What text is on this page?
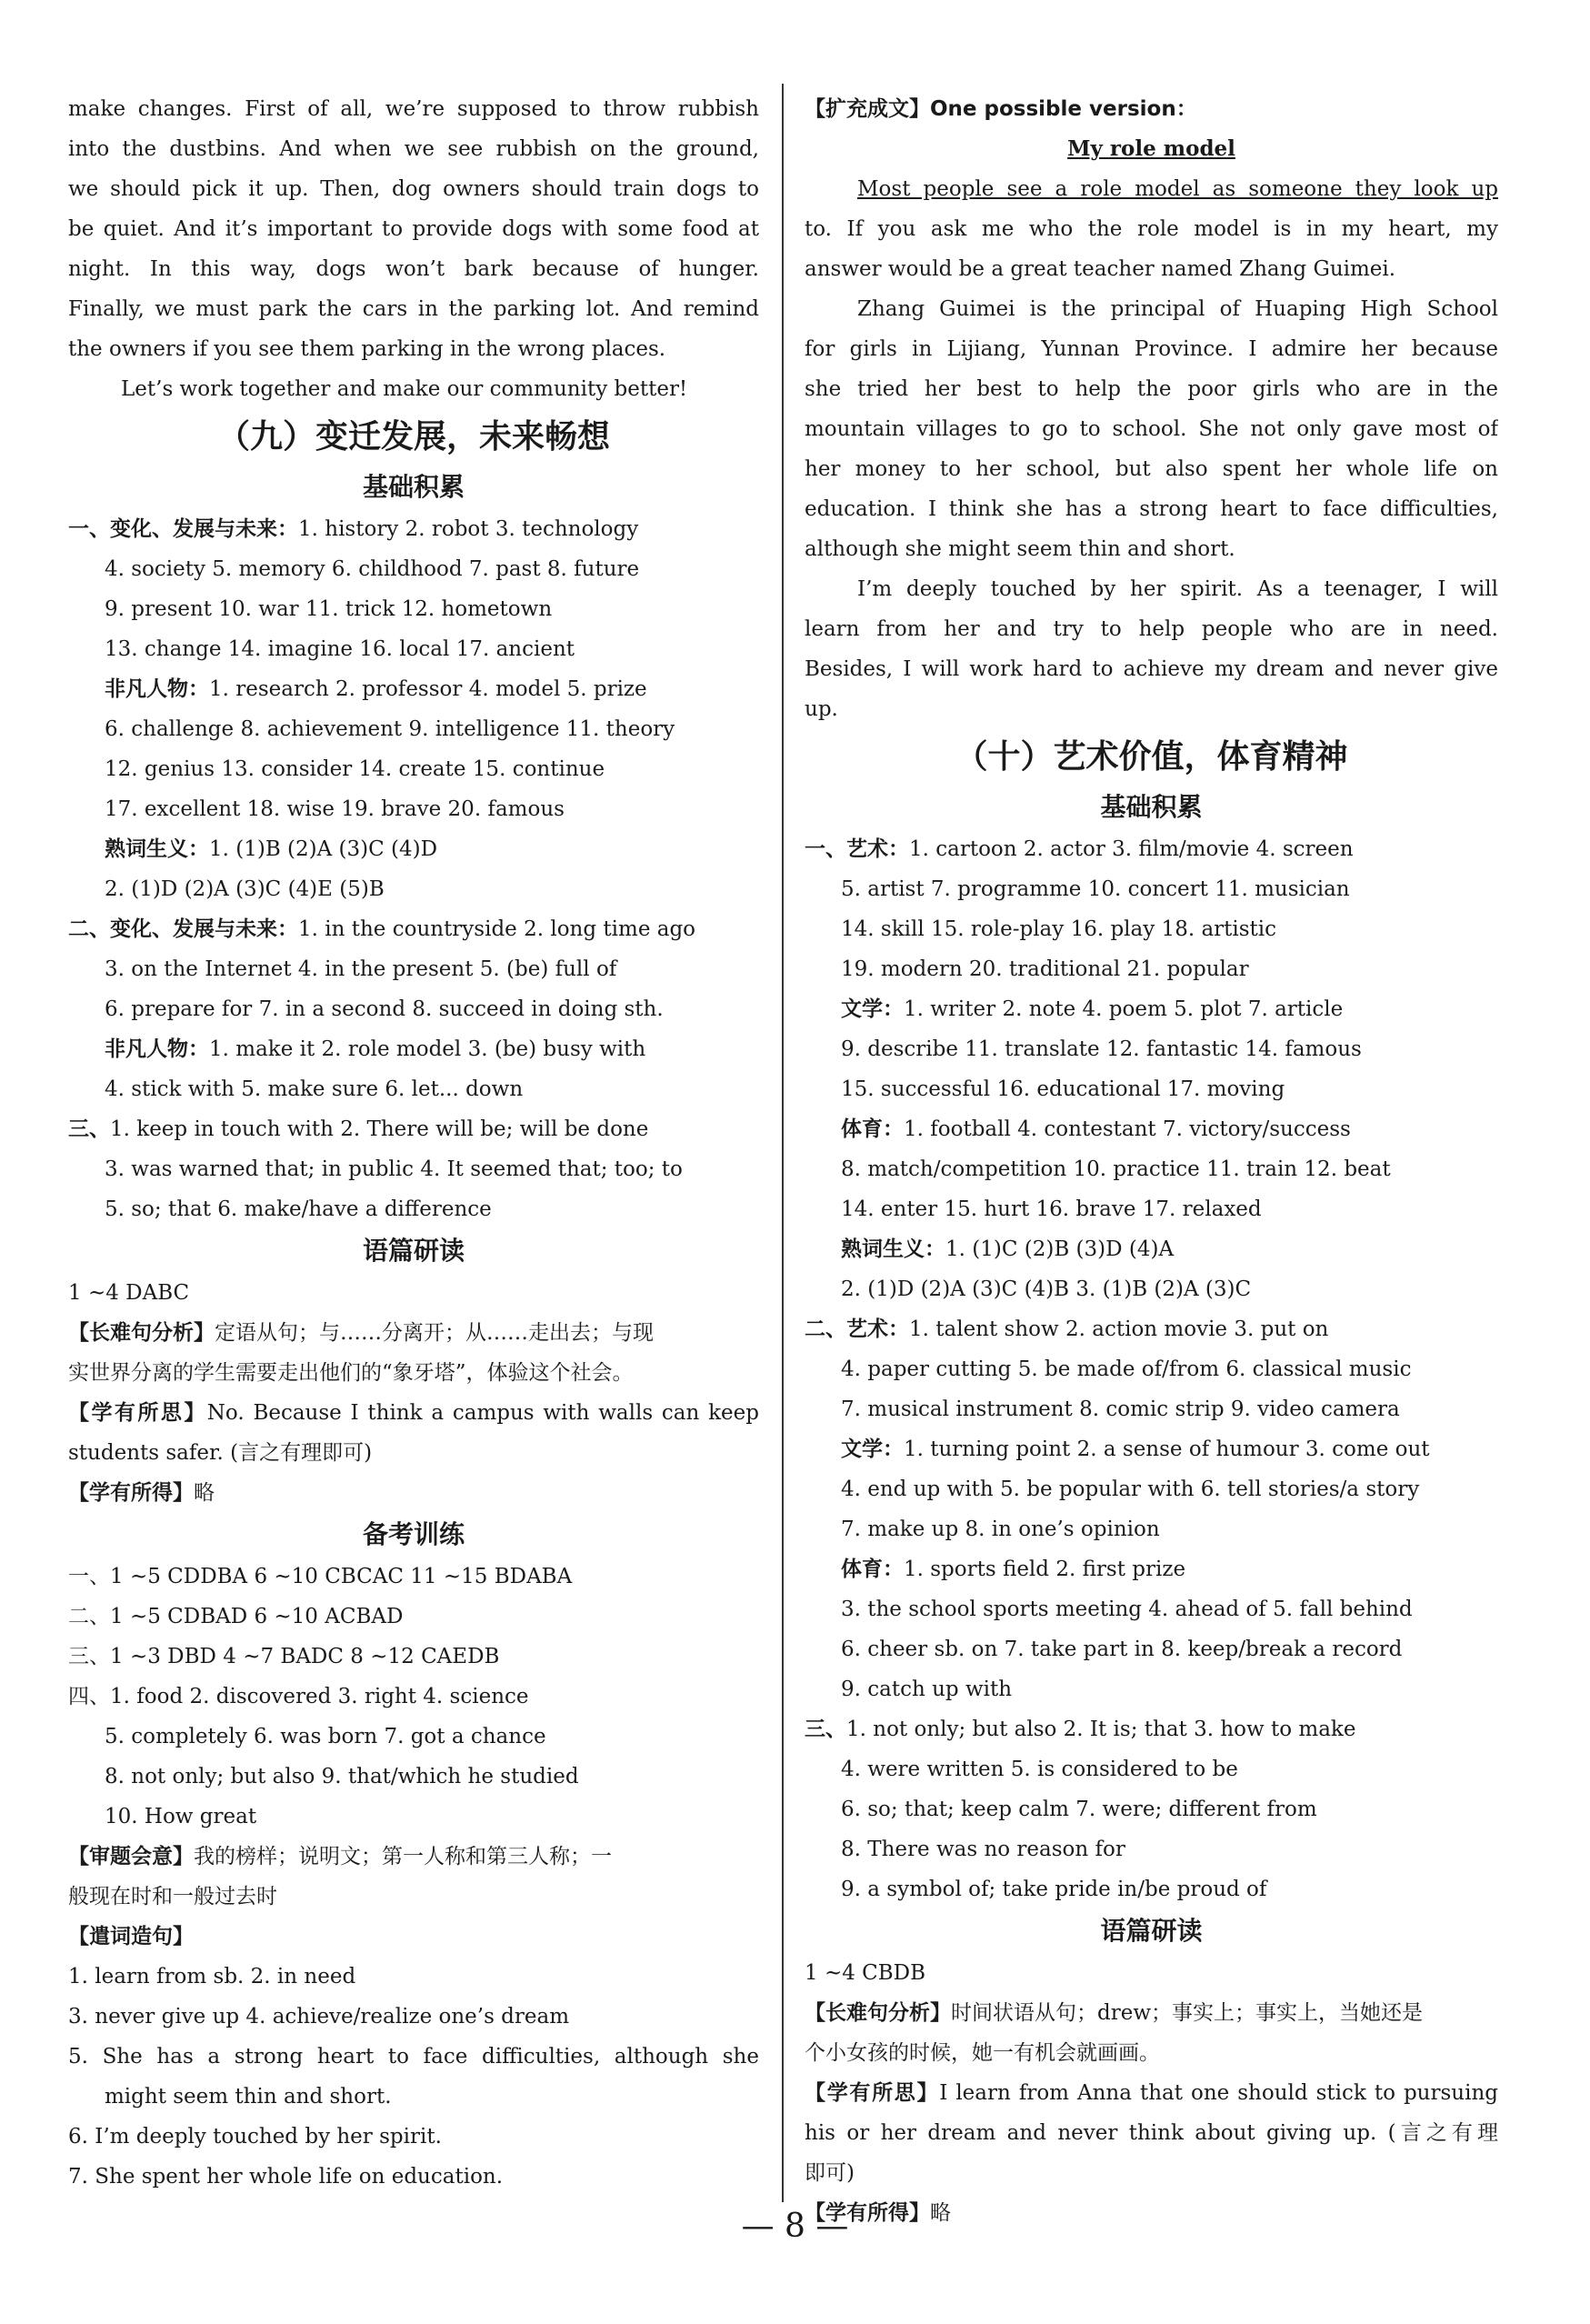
make changes. First of all, we’re supposed to throw rubbish
into the dustbins. And when we see rubbish on the ground,
we should pick it up. Then, dog owners should train dogs to
be quiet. And it’s important to provide dogs with some food at
night. In this way, dogs won’t bark because of hunger.
Finally, we must park the cars in the parking lot. And remind
the owners if you see them parking in the wrong places.
Let’s work together and make our community better!
（九）变迁发展，未来畅想
基础积累
一、变化、发展与未来：1. history 2. robot 3. technology
4. society 5. memory 6. childhood 7. past 8. future
9. present 10. war 11. trick 12. hometown
13. change 14. imagine 16. local 17. ancient
非凡人物：1. research 2. professor 4. model 5. prize
6. challenge 8. achievement 9. intelligence 11. theory
12. genius 13. consider 14. create 15. continue
17. excellent 18. wise 19. brave 20. famous
熟词生义：1. (1)B (2)A (3)C (4)D
2. (1)D (2)A (3)C (4)E (5)B
二、变化、发展与未来：1. in the countryside 2. long time ago
3. on the Internet 4. in the present 5. (be) full of
6. prepare for 7. in a second 8. succeed in doing sth.
非凡人物：1. make it 2. role model 3. (be) busy with
4. stick with 5. make sure 6. let... down
三、1. keep in touch with 2. There will be; will be done
3. was warned that; in public 4. It seemed that; too; to
5. so; that 6. make/have a difference
语篇研读
1 ~4 DABC
【长难句分析】定语从句；与……分离开；从……走出去；与现
实世界分离的学生需要走出他们的“象牙塔”，体验这个社会。
【学有所思】No. Because I think a campus with walls can keep
students safer. (言之有理即可)
【学有所得】略
备考训练
一、1 ~5 CDDBA 6 ~10 CBCAC 11 ~15 BDABA
二、1 ~5 CDBAD 6 ~10 ACBAD
三、1 ~3 DBD 4 ~7 BADC 8 ~12 CAEDB
四、1. food 2. discovered 3. right 4. science
5. completely 6. was born 7. got a chance
8. not only; but also 9. that/which he studied
10. How great
【审题会意】我的榜样；说明文；第一人称和第三人称；一
般现在时和一般过去时
【遣词造句】
1. learn from sb. 2. in need
3. never give up 4. achieve/realize one’s dream
5. She has a strong heart to face difficulties, although she
might seem thin and short.
6. I’m deeply touched by her spirit.
7. She spent her whole life on education.
【扩充成文】One possible version：
My role model
Most people see a role model as someone they look up
to. If you ask me who the role model is in my heart, my
answer would be a great teacher named Zhang Guimei.
Zhang Guimei is the principal of Huaping High School
for girls in Lijiang, Yunnan Province. I admire her because
she tried her best to help the poor girls who are in the
mountain villages to go to school. She not only gave most of
her money to her school, but also spent her whole life on
education. I think she has a strong heart to face difficulties,
although she might seem thin and short.
I’m deeply touched by her spirit. As a teenager, I will
learn from her and try to help people who are in need.
Besides, I will work hard to achieve my dream and never give
up.
（十）艺术价值，体育精神
基础积累
一、艺术：1. cartoon 2. actor 3. film/movie 4. screen
5. artist 7. programme 10. concert 11. musician
14. skill 15. role-play 16. play 18. artistic
19. modern 20. traditional 21. popular
文学：1. writer 2. note 4. poem 5. plot 7. article
9. describe 11. translate 12. fantastic 14. famous
15. successful 16. educational 17. moving
体育：1. football 4. contestant 7. victory/success
8. match/competition 10. practice 11. train 12. beat
14. enter 15. hurt 16. brave 17. relaxed
熟词生义：1. (1)C (2)B (3)D (4)A
2. (1)D (2)A (3)C (4)B 3. (1)B (2)A (3)C
二、艺术：1. talent show 2. action movie 3. put on
4. paper cutting 5. be made of/from 6. classical music
7. musical instrument 8. comic strip 9. video camera
文学：1. turning point 2. a sense of humour 3. come out
4. end up with 5. be popular with 6. tell stories/a story
7. make up 8. in one’s opinion
体育：1. sports field 2. first prize
3. the school sports meeting 4. ahead of 5. fall behind
6. cheer sb. on 7. take part in 8. keep/break a record
9. catch up with
三、1. not only; but also 2. It is; that 3. how to make
4. were written 5. is considered to be
6. so; that; keep calm 7. were; different from
8. There was no reason for
9. a symbol of; take pride in/be proud of
语篇研读
1 ~4 CBDB
【长难句分析】时间状语从句；drew；事实上；事实上，当她还是
个小女孩的时候，她一有机会就画画。
【学有所思】I learn from Anna that one should stick to pursuing
his or her dream and never think about giving up. (言之有理
即可)
【学有所得】略
— 8 —
